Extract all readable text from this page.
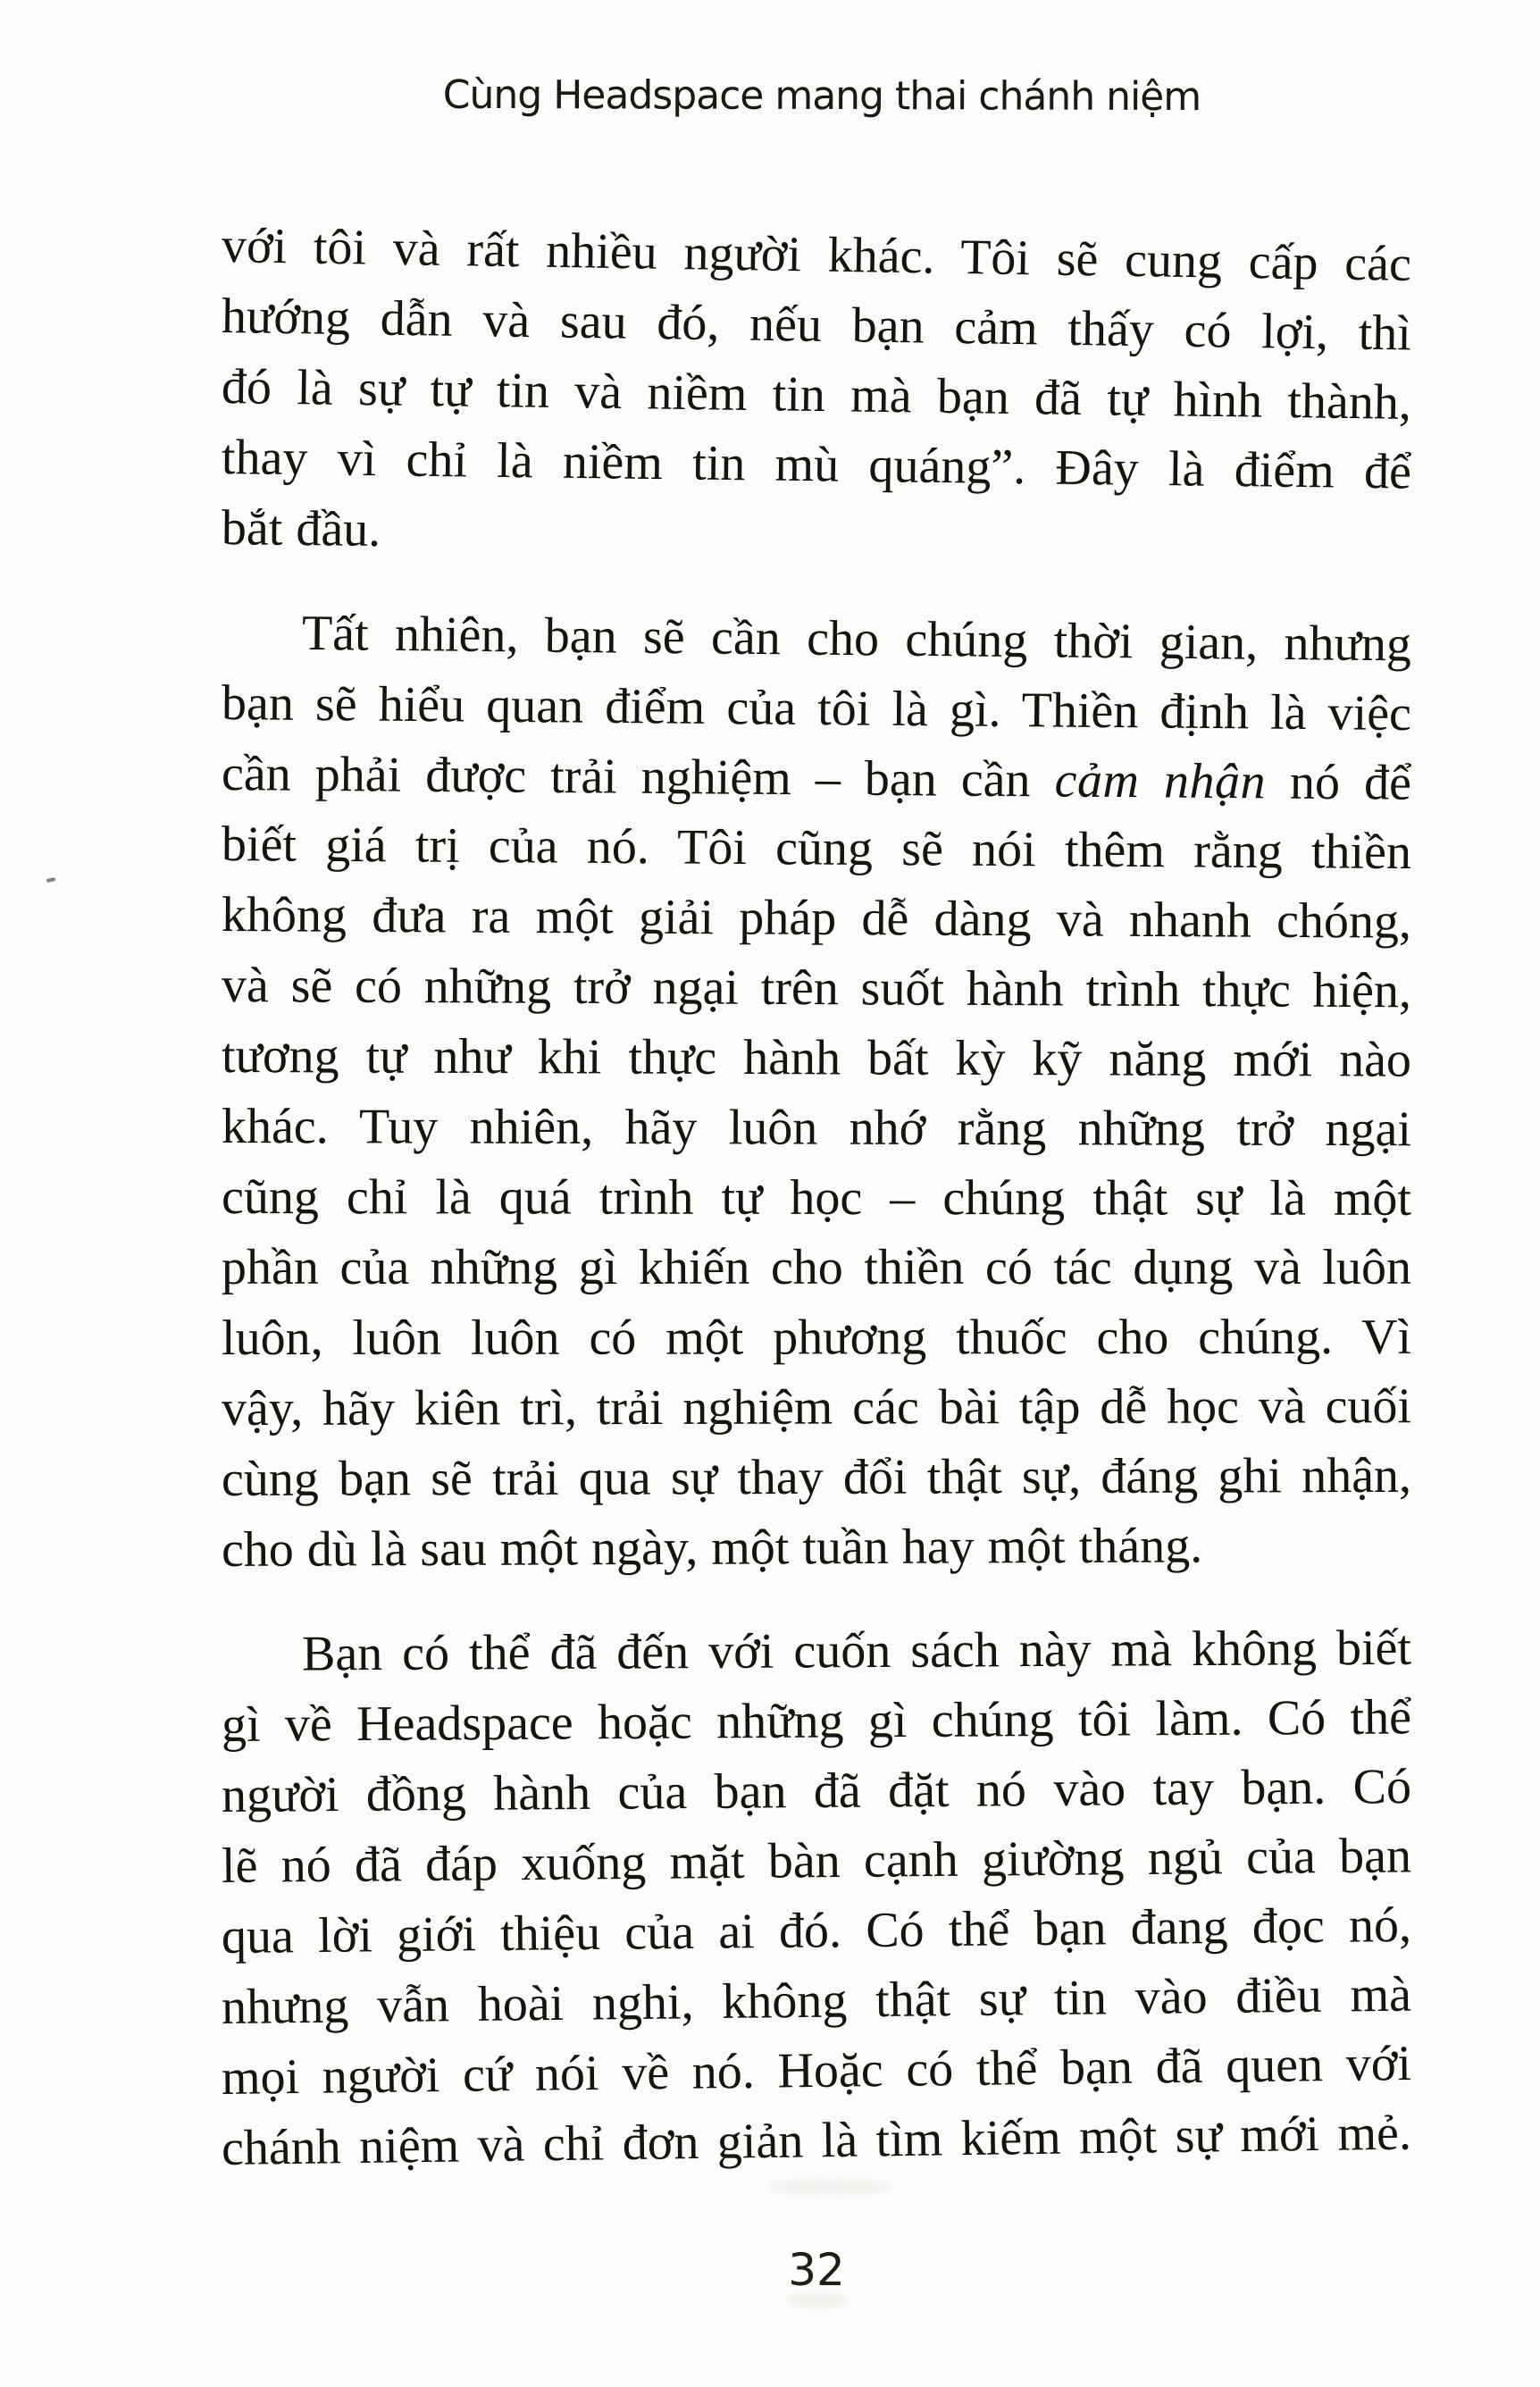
Cùng Headspace mang thai chánh niệm
với tôi và rất nhiều người khác. Tôi sẽ cung cấp các
hướng dẫn và sau đó, nếu bạn cảm thấy có lợi, thì
đó là sự tự tin và niềm tin mà bạn đã tự hình thành,
thay vì chỉ là niềm tin mù quáng”. Đây là điểm để
bắt đầu.
Tất nhiên, bạn sẽ cần cho chúng thời gian, nhưng
bạn sẽ hiểu quan điểm của tôi là gì. Thiền định là việc
cần phải được trải nghiệm – bạn cần cảm nhận nó để
biết giá trị của nó. Tôi cũng sẽ nói thêm rằng thiền
không đưa ra một giải pháp dễ dàng và nhanh chóng,
và sẽ có những trở ngại trên suốt hành trình thực hiện,
tương tự như khi thực hành bất kỳ kỹ năng mới nào
khác. Tuy nhiên, hãy luôn nhớ rằng những trở ngại
cũng chỉ là quá trình tự học – chúng thật sự là một
phần của những gì khiến cho thiền có tác dụng và luôn
luôn, luôn luôn có một phương thuốc cho chúng. Vì
vậy, hãy kiên trì, trải nghiệm các bài tập dễ học và cuối
cùng bạn sẽ trải qua sự thay đổi thật sự, đáng ghi nhận,
cho dù là sau một ngày, một tuần hay một tháng.
Bạn có thể đã đến với cuốn sách này mà không biết
gì về Headspace hoặc những gì chúng tôi làm. Có thể
người đồng hành của bạn đã đặt nó vào tay bạn. Có
lẽ nó đã đáp xuống mặt bàn cạnh giường ngủ của bạn
qua lời giới thiệu của ai đó. Có thể bạn đang đọc nó,
nhưng vẫn hoài nghi, không thật sự tin vào điều mà
mọi người cứ nói về nó. Hoặc có thể bạn đã quen với
chánh niệm và chỉ đơn giản là tìm kiếm một sự mới mẻ.
32
